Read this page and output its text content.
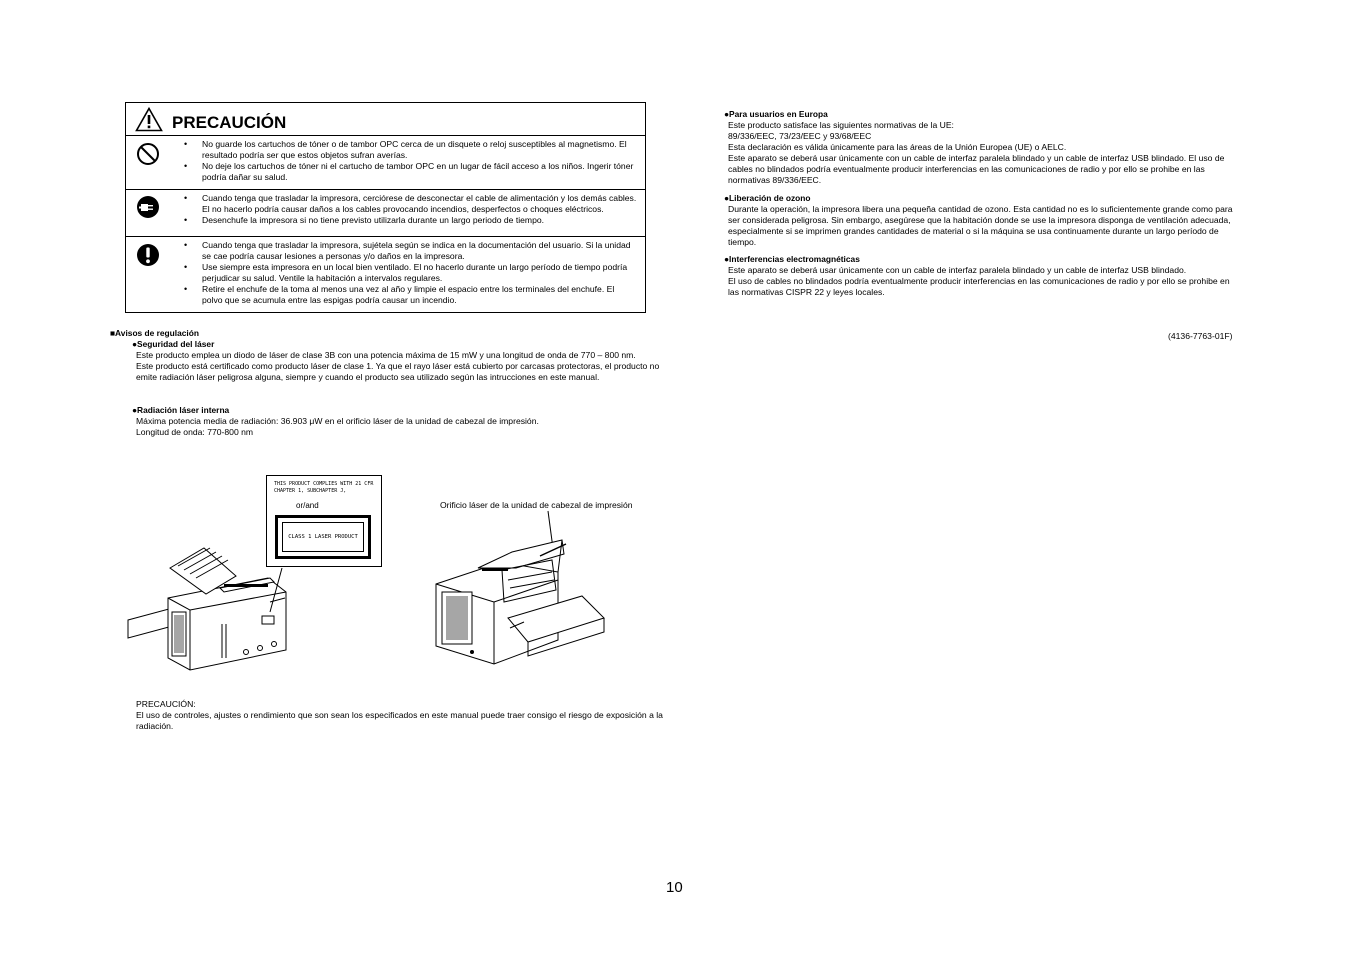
PRECAUCIÓN
• No guarde los cartuchos de tóner o de tambor OPC cerca de un disquete o reloj susceptibles al magnetismo. El resultado podría ser que estos objetos sufran averías.
• No deje los cartuchos de tóner ni el cartucho de tambor OPC en un lugar de fácil acceso a los niños. Ingerir tóner podría dañar su salud.
• Cuando tenga que trasladar la impresora, cerciórese de desconectar el cable de alimentación y los demás cables. El no hacerlo podría causar daños a los cables provocando incendios, desperfectos o choques eléctricos.
• Desenchufe la impresora si no tiene previsto utilizarla durante un largo periodo de tiempo.
• Cuando tenga que trasladar la impresora, sujétela según se indica en la documentación del usuario. Si la unidad se cae podría causar lesiones a personas y/o daños en la impresora.
• Use siempre esta impresora en un local bien ventilado. El no hacerlo durante un largo período de tiempo podría perjudicar su salud. Ventile la habitación a intervalos regulares.
• Retire el enchufe de la toma al menos una vez al año y limpie el espacio entre los terminales del enchufe. El polvo que se acumula entre las espigas podría causar un incendio.
■Avisos de regulación
●Seguridad del láser
Este producto emplea un diodo de láser de clase 3B con una potencia máxima de 15 mW y una longitud de onda de 770 – 800 nm.
Este producto está certificado como producto láser de clase 1. Ya que el rayo láser está cubierto por carcasas protectoras, el producto no emite radiación láser peligrosa alguna, siempre y cuando el producto sea utilizado según las intrucciones en este manual.
●Radiación láser interna
Máxima potencia media de radiación: 36.903 μW en el orificio láser de la unidad de cabezal de impresión.
Longitud de onda: 770-800 nm
THIS PRODUCT COMPLIES WITH 21 CFR
CHAPTER 1, SUBCHAPTER J,
or/and
CLASS 1 LASER PRODUCT
Orificio láser de la unidad de cabezal de impresión
PRECAUCIÓN:
El uso de controles, ajustes o rendimiento que son sean los especificados en este manual puede traer consigo el riesgo de exposición a la radiación.
●Para usuarios en Europa
Este producto satisface las siguientes normativas de la UE:
89/336/EEC, 73/23/EEC y 93/68/EEC
Esta declaración es válida únicamente para las áreas de la Unión Europea (UE) o AELC.
Este aparato se deberá usar únicamente con un cable de interfaz paralela blindado y un cable de interfaz USB blindado. El uso de cables no blindados podría eventualmente producir interferencias en las comunicaciones de radio y por ello se prohibe en las normativas 89/336/EEC.
●Liberación de ozono
Durante la operación, la impresora libera una pequeña cantidad de ozono. Esta cantidad no es lo suficientemente grande como para ser considerada peligrosa. Sin embargo, asegúrese que la habitación donde se use la impresora disponga de ventilación adecuada, especialmente si se imprimen grandes cantidades de material o si la máquina se usa continuamente durante un largo período de tiempo.
●Interferencias electromagnéticas
Este aparato se deberá usar únicamente con un cable de interfaz paralela blindado y un cable de interfaz USB blindado.
El uso de cables no blindados podría eventualmente producir interferencias en las comunicaciones de radio y por ello se prohibe en las normativas CISPR 22 y leyes locales.
(4136-7763-01F)
10
